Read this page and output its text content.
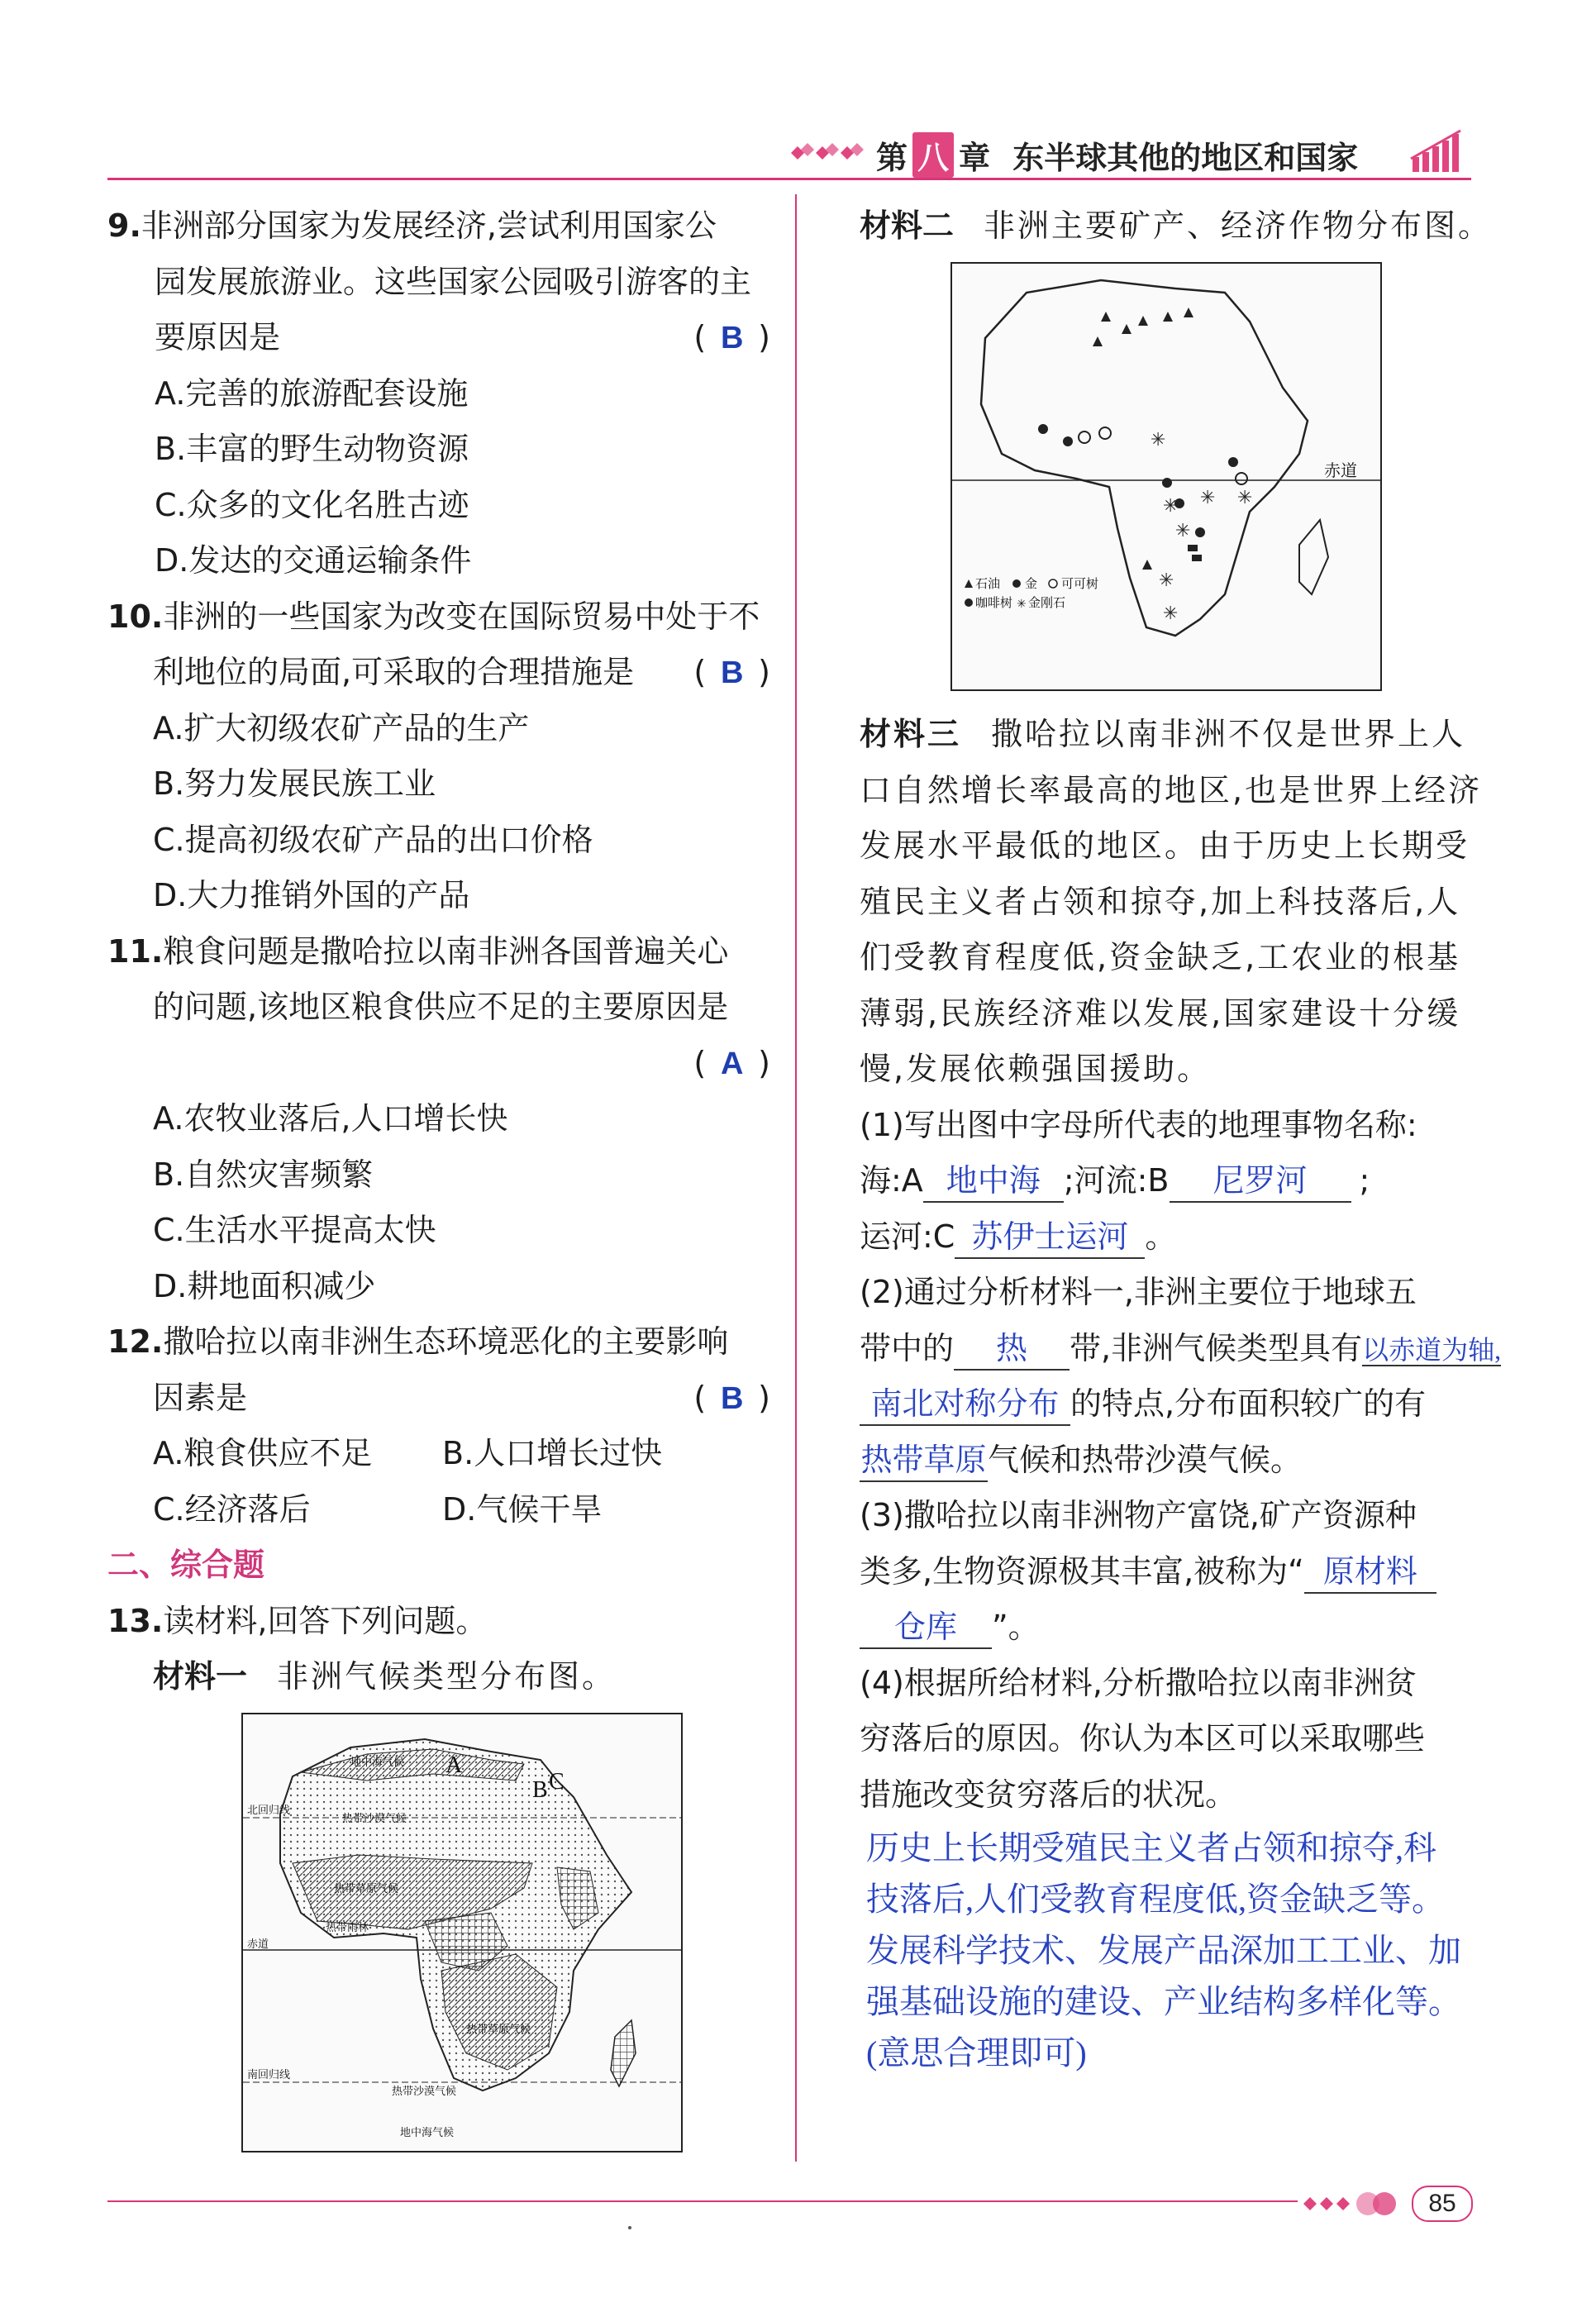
第 八 章 东半球其他的地区和国家
9.非洲部分国家为发展经济,尝试利用国家公
园发展旅游业。这些国家公园吸引游客的主
要原因是	( B )
A.完善的旅游配套设施
B.丰富的野生动物资源
C.众多的文化名胜古迹
D.发达的交通运输条件
10.非洲的一些国家为改变在国际贸易中处于不
利地位的局面,可采取的合理措施是 ( B )
A.扩大初级农矿产品的生产
B.努力发展民族工业
C.提高初级农矿产品的出口价格
D.大力推销外国的产品
11.粮食问题是撒哈拉以南非洲各国普遍关心
的问题,该地区粮食供应不足的主要原因是
( A )
A.农牧业落后,人口增长快
B.自然灾害频繁
C.生活水平提高太快
D.耕地面积减少
12.撒哈拉以南非洲生态环境恶化的主要影响
因素是	( B )
A.粮食供应不足 B.人口增长过快
C.经济落后	D.气候干旱
二、综合题
13.读材料,回答下列问题。
材料一 非洲气候类型分布图。
北回归线
赤道
南回归线
地中海气候
热带沙漠气候
热带草原气候
热带雨林
热带草原气候
热带沙漠气候
地中海气候
A
B C
材料二 非洲主要矿产、经济作物分布图。
赤道
✳
✳
✳
✳
✳
✳ ✳
石油 金 可可树
咖啡树 ✳ 金刚石
材料三 撒哈拉以南非洲不仅是世界上人
口自然增长率最高的地区,也是世界上经济
发展水平最低的地区。由于历史上长期受
殖民主义者占领和掠夺,加上科技落后,人
们受教育程度低,资金缺乏,工农业的根基
薄弱,民族经济难以发展,国家建设十分缓
慢,发展依赖强国援助。
(1)写出图中字母所代表的地理事物名称:
海:A 地中海 ;河流:B 尼罗河 ;
运河:C 苏伊士运河 。
(2)通过分析材料一,非洲主要位于地球五
带中的 热 带,非洲气候类型具有以赤道为轴,
南北对称分布 的特点,分布面积较广的有
热带草原气候和热带沙漠气候。
(3)撒哈拉以南非洲物产富饶,矿产资源种
类多,生物资源极其丰富,被称为“ 原材料
仓库 ”。
(4)根据所给材料,分析撒哈拉以南非洲贫
穷落后的原因。你认为本区可以采取哪些
措施改变贫穷落后的状况。
历史上长期受殖民主义者占领和掠夺,科
技落后,人们受教育程度低,资金缺乏等。
发展科学技术、发展产品深加工工业、加
强基础设施的建设、产业结构多样化等。
(意思合理即可)
85
